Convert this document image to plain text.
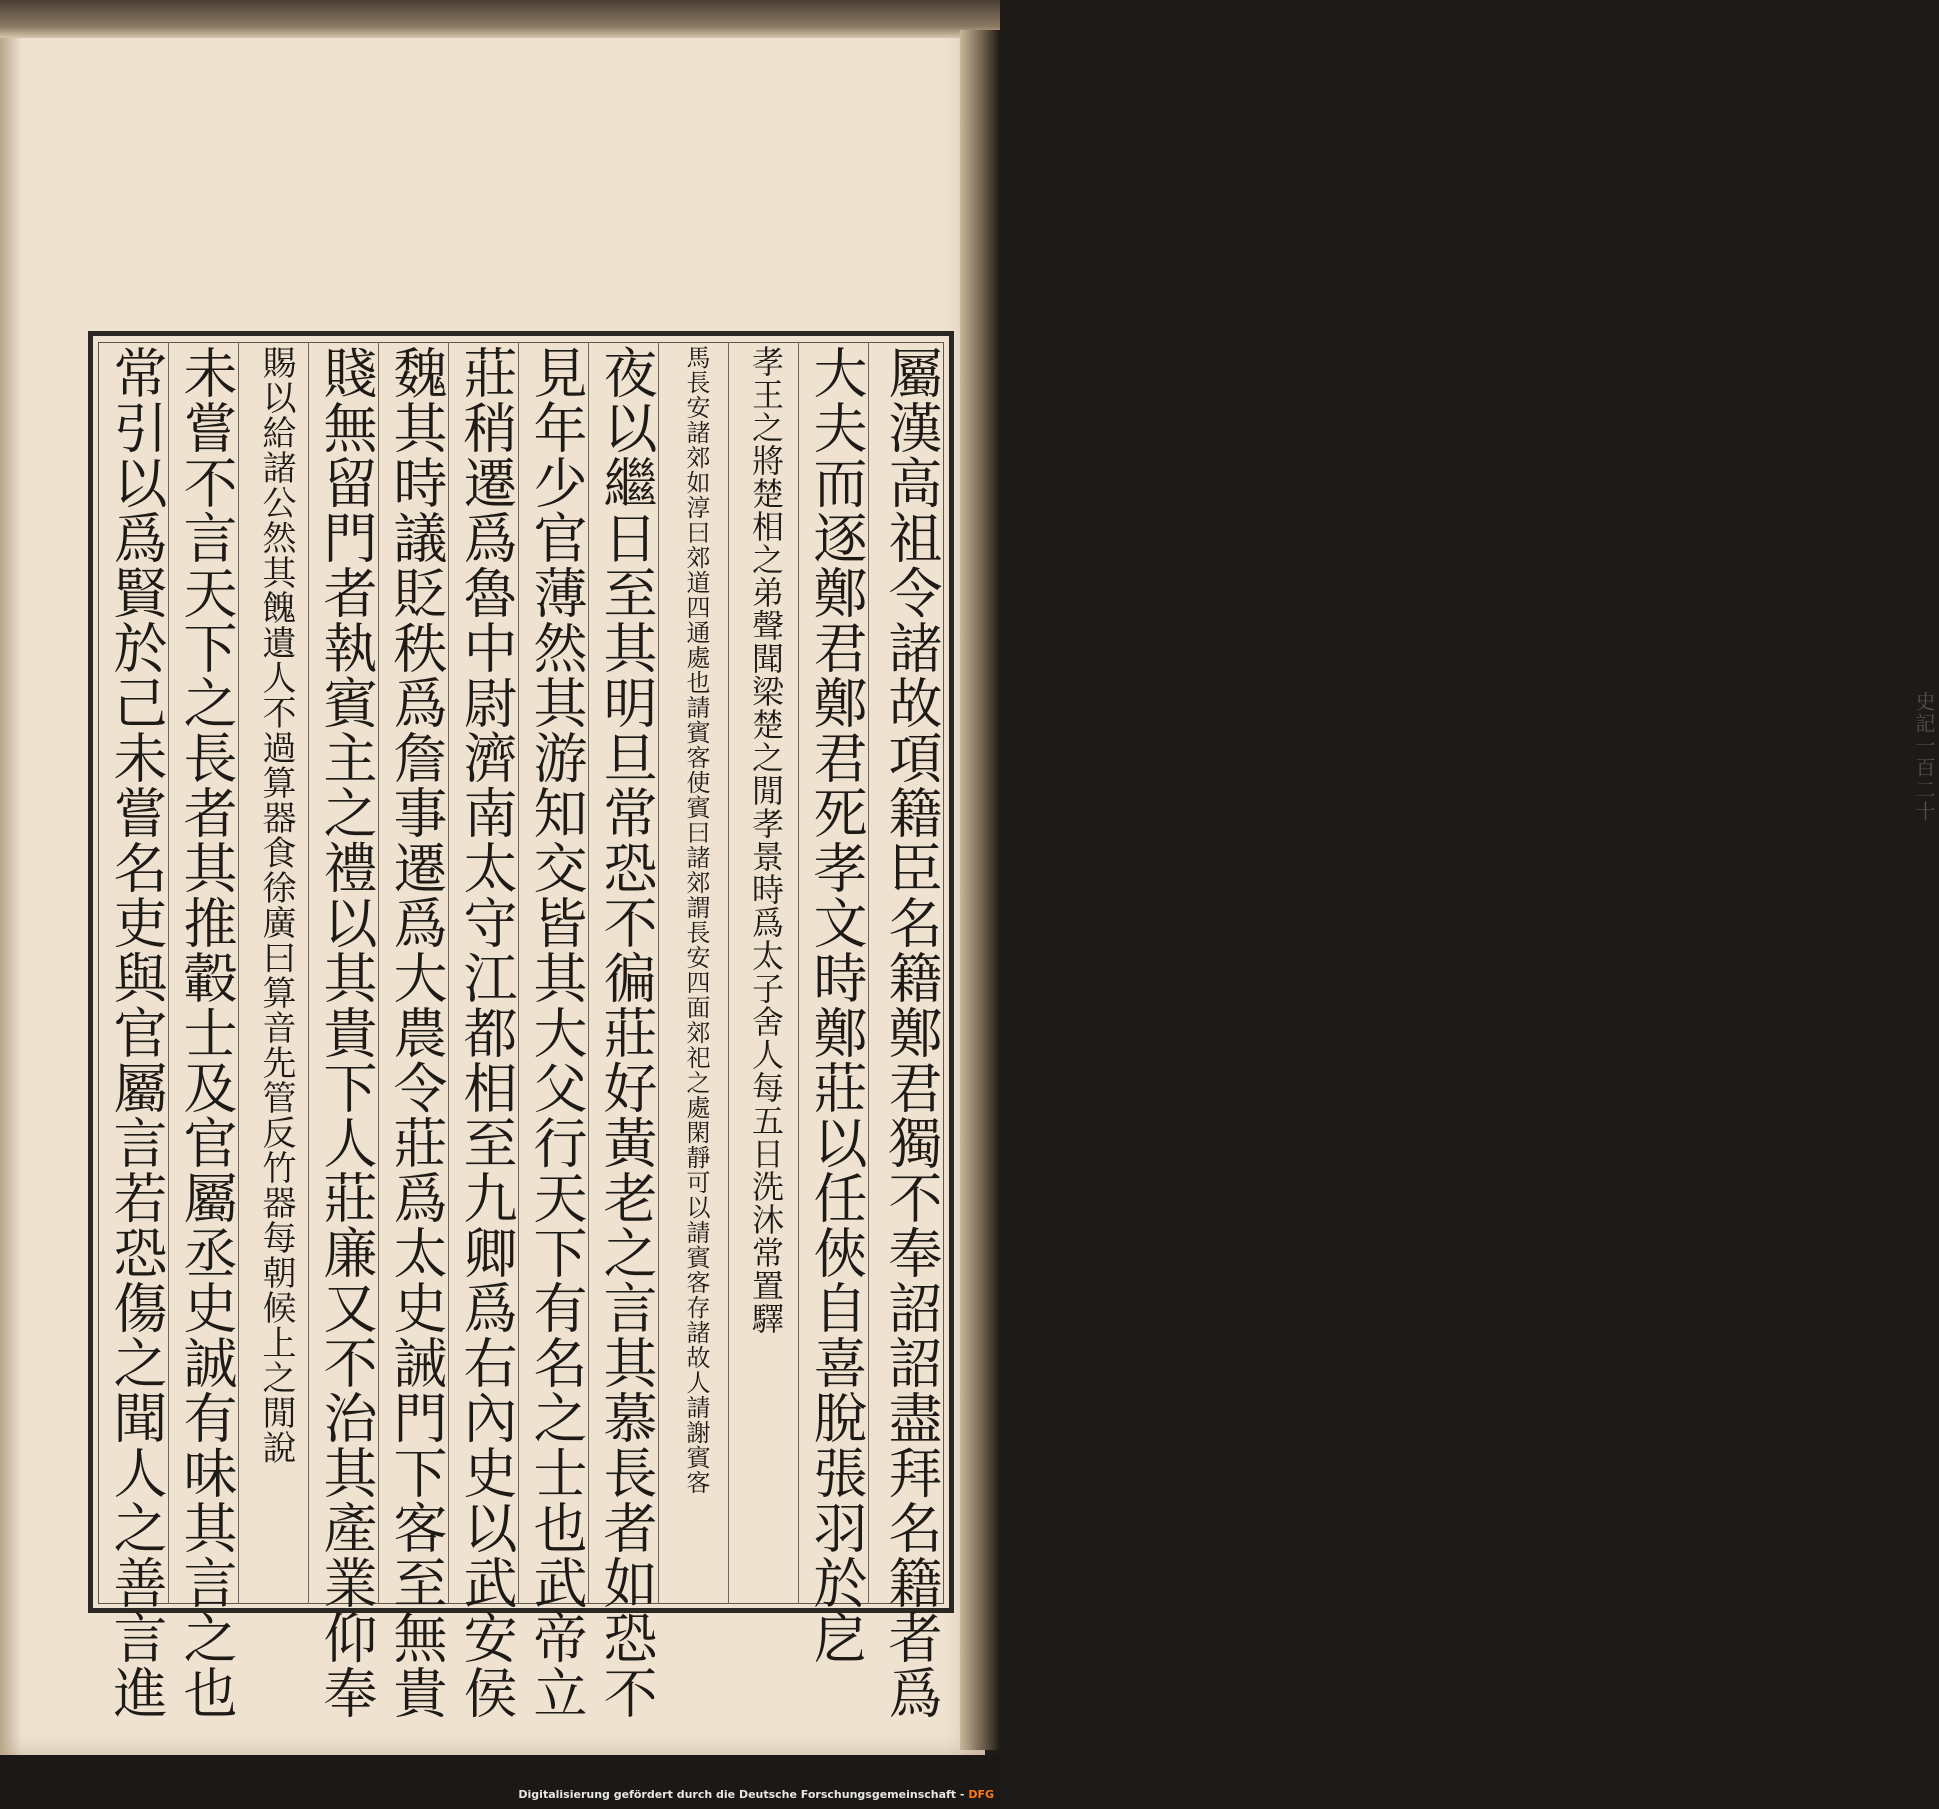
史記一百二十
屬漢高祖令諸故項籍臣名籍鄭君獨不奉詔詔盡拜名籍者爲
大夫而逐鄭君鄭君死孝文時鄭莊以任俠自喜脫張羽於戹
孝王之將楚相之弟聲聞梁楚之閒孝景時爲太子舍人每五日洗沐常置驛
馬長安諸郊如淳曰郊道四通處也請賓客使賓曰諸郊謂長安四面郊祀之處閑靜可以請賓客存諸故人請謝賓客
夜以繼日至其明旦常恐不徧莊好黃老之言其慕長者如恐不
見年少官薄然其游知交皆其大父行天下有名之士也武帝立
莊稍遷爲魯中尉濟南太守江都相至九卿爲右內史以武安侯
魏其時議貶秩爲詹事遷爲大農令莊爲太史誡門下客至無貴
賤無留門者執賓主之禮以其貴下人莊廉又不治其產業仰奉
賜以給諸公然其餽遺人不過算器食徐廣曰算音先管反竹器每朝候上之閒說
未嘗不言天下之長者其推轂士及官屬丞史誠有味其言之也
常引以爲賢於己未嘗名吏與官屬言若恐傷之聞人之善言進
Digitalisierung gefördert durch die Deutsche Forschungsgemeinschaft - DFG
